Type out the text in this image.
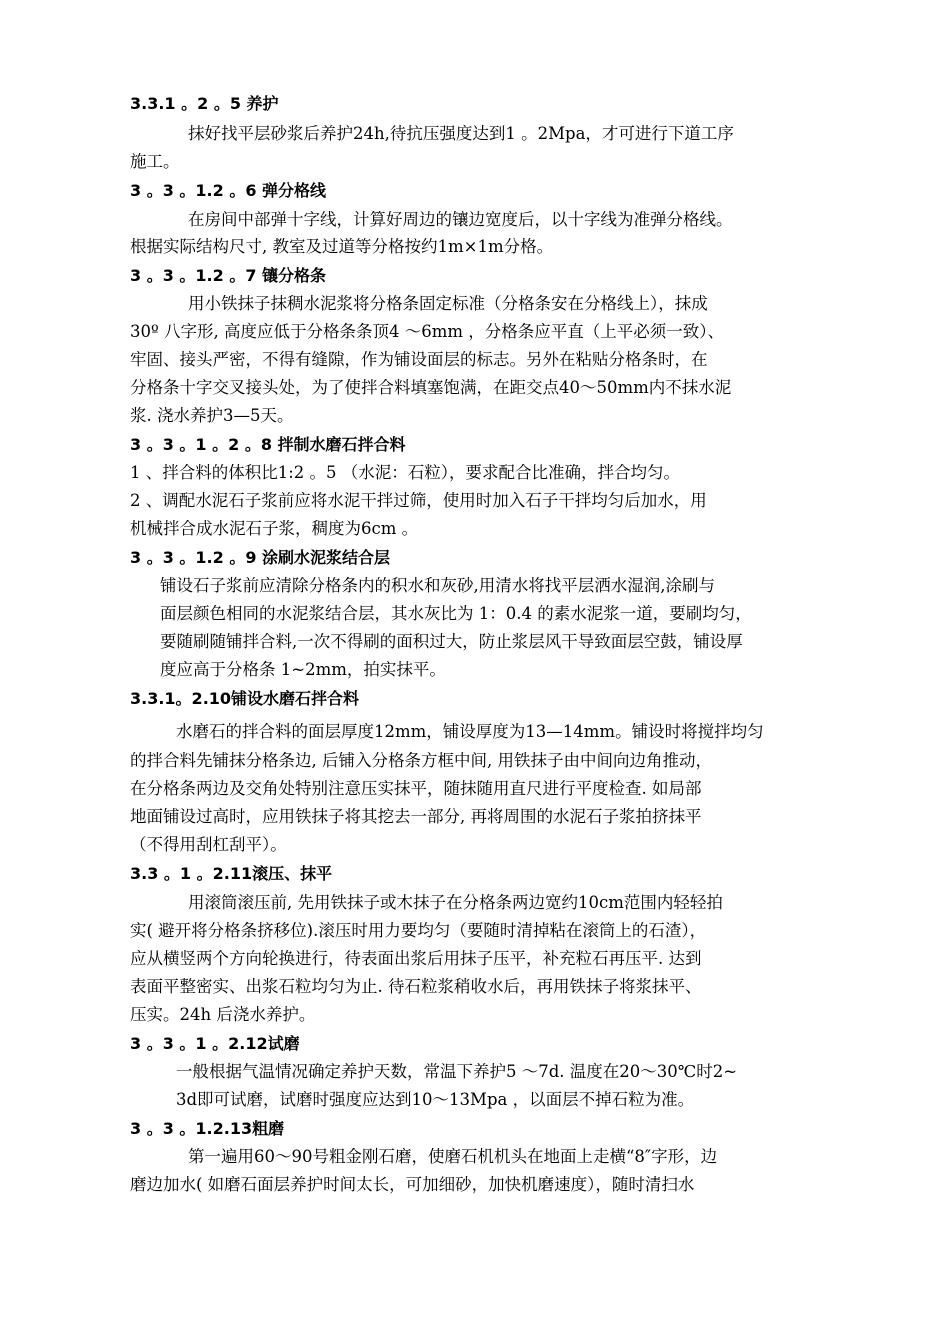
3.3.1 。2 。5 养护
抹好找平层砂浆后养护24h,待抗压强度达到1 。2Mpa，才可进行下道工序
施工。
3 。3 。1.2 。6 弹分格线
在房间中部弹十字线，计算好周边的镶边宽度后，以十字线为准弹分格线。
根据实际结构尺寸, 教室及过道等分格按约1m×1m分格。
3 。3 。1.2 。7 镶分格条
用小铁抹子抹稠水泥浆将分格条固定标准（分格条安在分格线上），抹成
30º 八字形, 高度应低于分格条条顶4 ～6mm ，分格条应平直（上平必须一致）、
牢固、接头严密，不得有缝隙，作为铺设面层的标志。另外在粘贴分格条时，在
分格条十字交叉接头处，为了使拌合料填塞饱满，在距交点40～50mm内不抹水泥
浆. 浇水养护3—5天。
3 。3 。1 。2 。8 拌制水磨石拌合料
1 、拌合料的体积比1:2 。5 （水泥：石粒），要求配合比准确，拌合均匀。
2 、调配水泥石子浆前应将水泥干拌过筛，使用时加入石子干拌均匀后加水，用
机械拌合成水泥石子浆，稠度为6cm 。
3 。3 。1.2 。9 涂刷水泥浆结合层
铺设石子浆前应清除分格条内的积水和灰砂,用清水将找平层洒水湿润,涂刷与
面层颜色相同的水泥浆结合层，其水灰比为 1：0.4 的素水泥浆一道，要刷均匀，
要随刷随铺拌合料,一次不得刷的面积过大，防止浆层风干导致面层空鼓，铺设厚
度应高于分格条 1~2mm，拍实抹平。
3.3.1。2.10铺设水磨石拌合料
水磨石的拌合料的面层厚度12mm，铺设厚度为13—14mm。铺设时将搅拌均匀
的拌合料先铺抹分格条边, 后铺入分格条方框中间, 用铁抹子由中间向边角推动，
在分格条两边及交角处特别注意压实抹平，随抹随用直尺进行平度检查. 如局部
地面铺设过高时，应用铁抹子将其挖去一部分, 再将周围的水泥石子浆拍挤抹平
（不得用刮杠刮平）。
3.3 。1 。2.11滚压、抹平
用滚筒滚压前, 先用铁抹子或木抹子在分格条两边宽约10cm范围内轻轻拍
实( 避开将分格条挤移位).滚压时用力要均匀（要随时清掉粘在滚筒上的石渣），
应从横竖两个方向轮换进行，待表面出浆后用抹子压平，补充粒石再压平. 达到
表面平整密实、出浆石粒均匀为止. 待石粒浆稍收水后，再用铁抹子将浆抹平、
压实。24h 后浇水养护。
3 。3 。1 。2.12试磨
一般根据气温情况确定养护天数，常温下养护5 ～7d. 温度在20～30℃时2~
3d即可试磨，试磨时强度应达到10～13Mpa ，以面层不掉石粒为准。
3 。3 。1.2.13粗磨
第一遍用60～90号粗金刚石磨，使磨石机机头在地面上走横“8″字形，边
磨边加水( 如磨石面层养护时间太长，可加细砂，加快机磨速度），随时清扫水
